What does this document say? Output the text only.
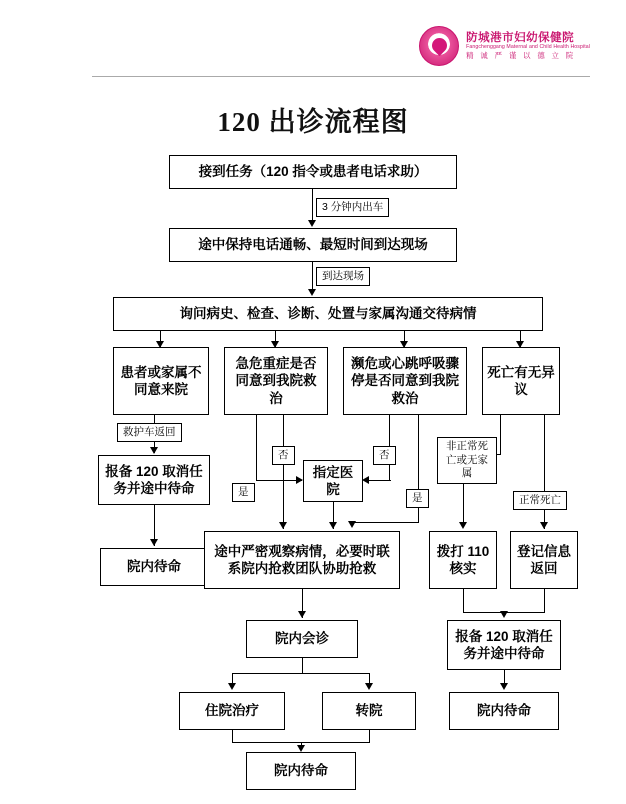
防城港市妇幼保健院
Fangchenggang Maternal and Child Health Hospital
精 诚 严 谨 以 德 立 院
120 出诊流程图
接到任务（120 指令或患者电话求助）
途中保持电话通畅、最短时间到达现场
询问病史、检查、诊断、处置与家属沟通交待病情
患者或家属不同意来院
急危重症是否同意到我院救治
濒危或心跳呼吸骤停是否同意到我院救治
死亡有无异议
报备 120 取消任务并途中待命
院内待命
指定医院
途中严密观察病情，必要时联系院内抢救团队协助抢救
拨打 110 核实
登记信息返回
院内会诊	报备 120 取消任务并途中待命
住院治疗	转院	院内待命
院内待命
3 分钟内出车
到达现场
救护车返回
否	否
是	是
非正常死亡或无家属
正常死亡
